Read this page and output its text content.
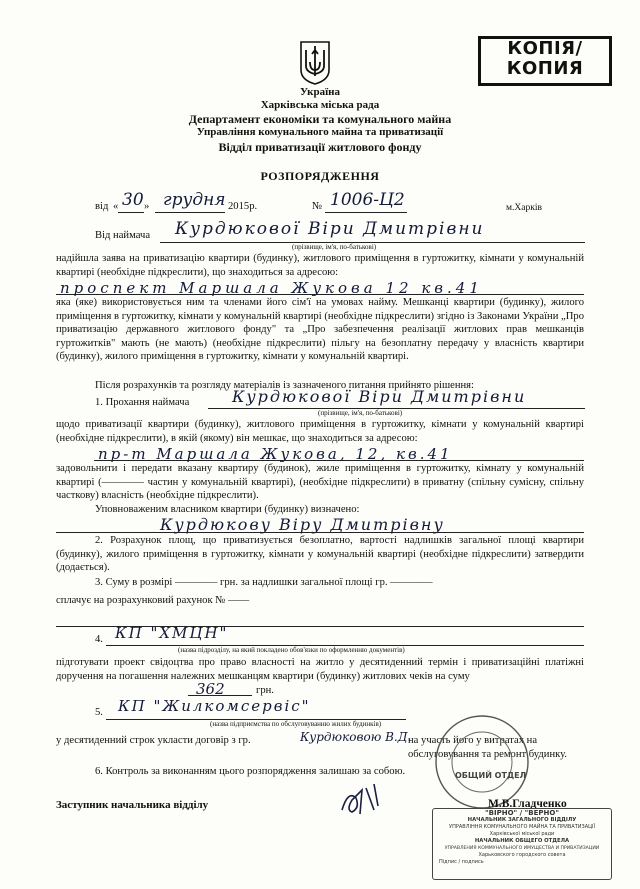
КОПІЯ/
КОПИЯ
Україна
Харківська міська рада
Департамент економіки та комунального майна
Управління комунального майна та приватизації
Відділ приватизації житлового фонду
РОЗПОРЯДЖЕННЯ
від « 30 » грудня 2015р.	№ 1006-Ц2	м.Харків
Від наймача Курдюкової Віри Дмитрівни
(прізвище, ім'я, по-батькові)
надійшла заява на приватизацію квартири (будинку), житлового приміщення в гуртожитку, кімнати у комунальній квартирі (необхідне підкреслити), що знаходиться за адресою:
проспект Маршала Жукова 12 кв.41
яка (яке) використовується ним та членами його сім'ї на умовах найму. Мешканці квартири (будинку), жилого приміщення в гуртожитку, кімнати у комунальній квартирі (необхідне підкреслити) згідно із Законами України „Про приватизацію державного житлового фонду" та „Про забезпечення реалізації житлових прав мешканців гуртожитків" мають (не мають) (необхідне підкреслити) пільгу на безоплатну передачу у власність квартири (будинку), жилого приміщення в гуртожитку, кімнати у комунальній квартирі.
Після розрахунків та розгляду матеріалів із зазначеного питання прийнято рішення:
1. Прохання наймача	Курдюкової Віри Дмитрівни
(прізвище, ім'я, по-батькові)
щодо приватизації квартири (будинку), житлового приміщення в гуртожитку, кімнати у комунальній квартирі (необхідне підкреслити), в якій (якому) він мешкає, що знаходиться за адресою:
пр-т Маршала Жукова, 12, кв.41
задовольнити і передати вказану квартиру (будинок), жиле приміщення в гуртожитку, кімнату у комунальній квартирі (―――― частин у комунальній квартирі), (необхідне підкреслити) в приватну (спільну сумісну, спільну часткову) власність (необхідне підкреслити).
Уповноваженим власником квартири (будинку) визначено:
Курдюкову Віру Дмитрівну
2. Розрахунок площ, що приватизується безоплатно, вартості надлишків загальної площі квартири (будинку), жилого приміщення в гуртожитку, кімнати у комунальній квартирі (необхідне підкреслити) затвердити (додається).
3. Суму в розмірі ―――― грн. за надлишки загальної площі гр. ――――
сплачує на розрахунковий рахунок № ――
4. КП "ХМЦН"
(назва підрозділу, на який покладено обов'язки по оформленню документів)
підготувати проект свідоцтва про право власності на житло у десятиденний термін і приватизаційні платіжні доручення на погашення належних мешканцям квартири (будинку) житлових чеків на суму
362	грн.
5. КП "Жилкомсервіс"
(назва підприємства по обслуговуванню жилих будинків)
у десятиденний строк укласти договір з гр.	Курдюковою В.Д.
на участь його у витратах на обслуговування та ремонт будинку.
6. Контроль за виконанням цього розпорядження залишаю за собою.	ОБЩИЙ ОТДЕЛ
Заступник начальника відділу	М.В.Гладченко
"ВІРНО" / "ВЕРНО"
НАЧАЛЬНИК ЗАГАЛЬНОГО ВІДДІЛУ
УПРАВЛІННЯ КОМУНАЛЬНОГО МАЙНА ТА ПРИВАТИЗАЦІЇ
Харківської міської ради
НАЧАЛЬНИК ОБЩЕГО ОТДЕЛА
УПРАВЛЕНИЯ КОММУНАЛЬНОГО ИМУЩЕСТВА И ПРИВАТИЗАЦИИ
Харьковского городского совета
Підпис / подпись
